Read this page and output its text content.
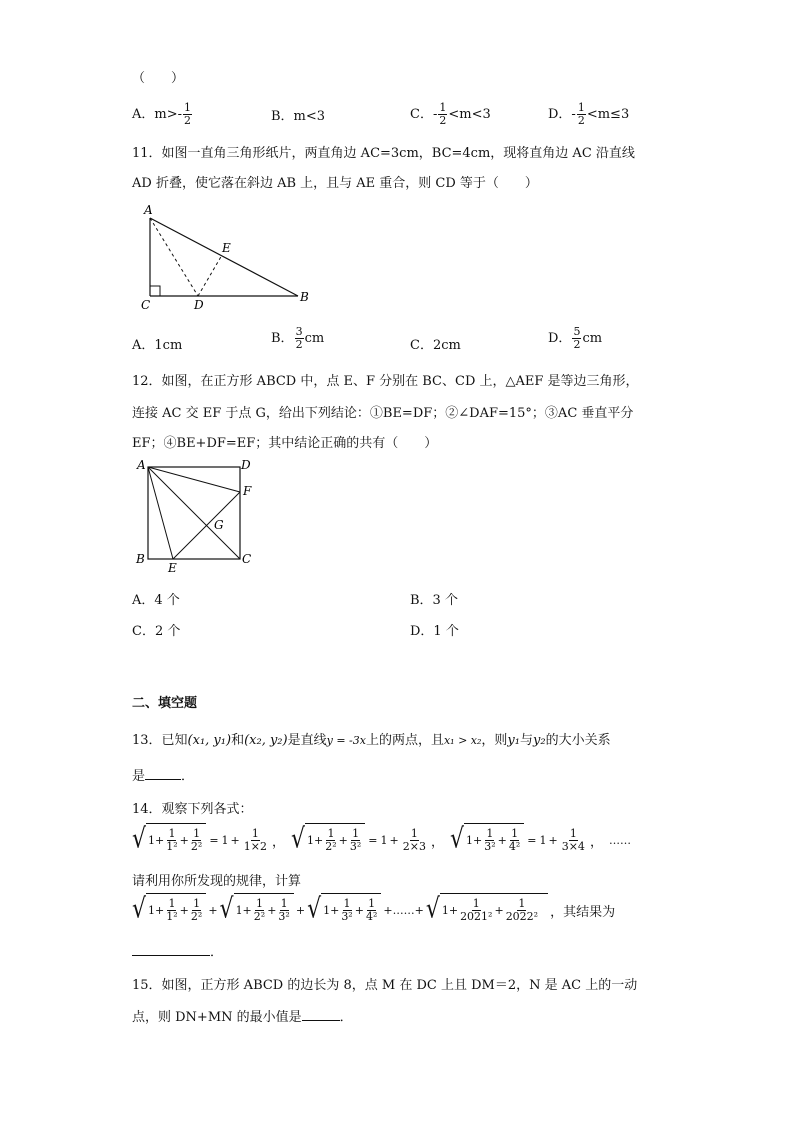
（　　）
A．$m>- \frac{1}{2}$	B．m<3	C．- $\frac{1}{2} <m<3$	D．- $\frac{1}{2} <m\le 3$
11．如图一直角三角形纸片，两直角边 AC=3cm，BC=4cm，现将直角边 AC 沿直线
AD 折叠，使它落在斜边 AB 上，且与 AE 重合，则 CD 等于（　　）
A
E
C	D
B
A．1cm	B． $\frac{3}{2}$ cm	C．2cm	D． $\frac{5}{2}$ cm
12．如图，在正方形 ABCD 中，点 E、F 分别在 BC、CD 上，△AEF 是等边三角形，
连接 AC 交 EF 于点 G，给出下列结论：①BE=DF；②∠DAF=15°；③AC 垂直平分
EF；④BE+DF=EF；其中结论正确的共有（　　）
A	D
F
G
B	C
E
A．4 个	B．3 个
C．2 个	D．1 个
二、填空题
13．已知(x₁, y₁)和(x₂, y₂)是直线y = -3x上的两点，且x₁ > x₂，则y₁与y₂的大小关系
是	．
14．观察下列各式：
√ $1+ \frac{1}{\text{1²}} + \frac{1}{\text{2²}} = 1 + \frac{1}{1\times 2}$ ， √ $1+ \frac{1}{\text{2²}} + \frac{1}{\text{3²}} = 1 + \frac{1}{2\times 3}$ ， √ $1+ \frac{1}{\text{3²}} + \frac{1}{\text{4²}} = 1 + \frac{1}{3\times 4}$ ， ……
请利用你所发现的规律，计算
√ $1+ \frac{1}{\text{1²}} + \frac{1}{\text{2²}}$ + √ $1+ \frac{1}{\text{2²}} + \frac{1}{\text{3²}}$ + √ $1+ \frac{1}{\text{3²}} + \frac{1}{\text{4²}}$ +……+ √ $1+ \frac{1}{\text{2021²}} + \frac{1}{\text{2022²}}$ ，其结果为
．
15．如图，正方形 ABCD 的边长为 8，点 M 在 DC 上且 DM＝2，N 是 AC 上的一动
点，则 DN+MN 的最小值是	．
